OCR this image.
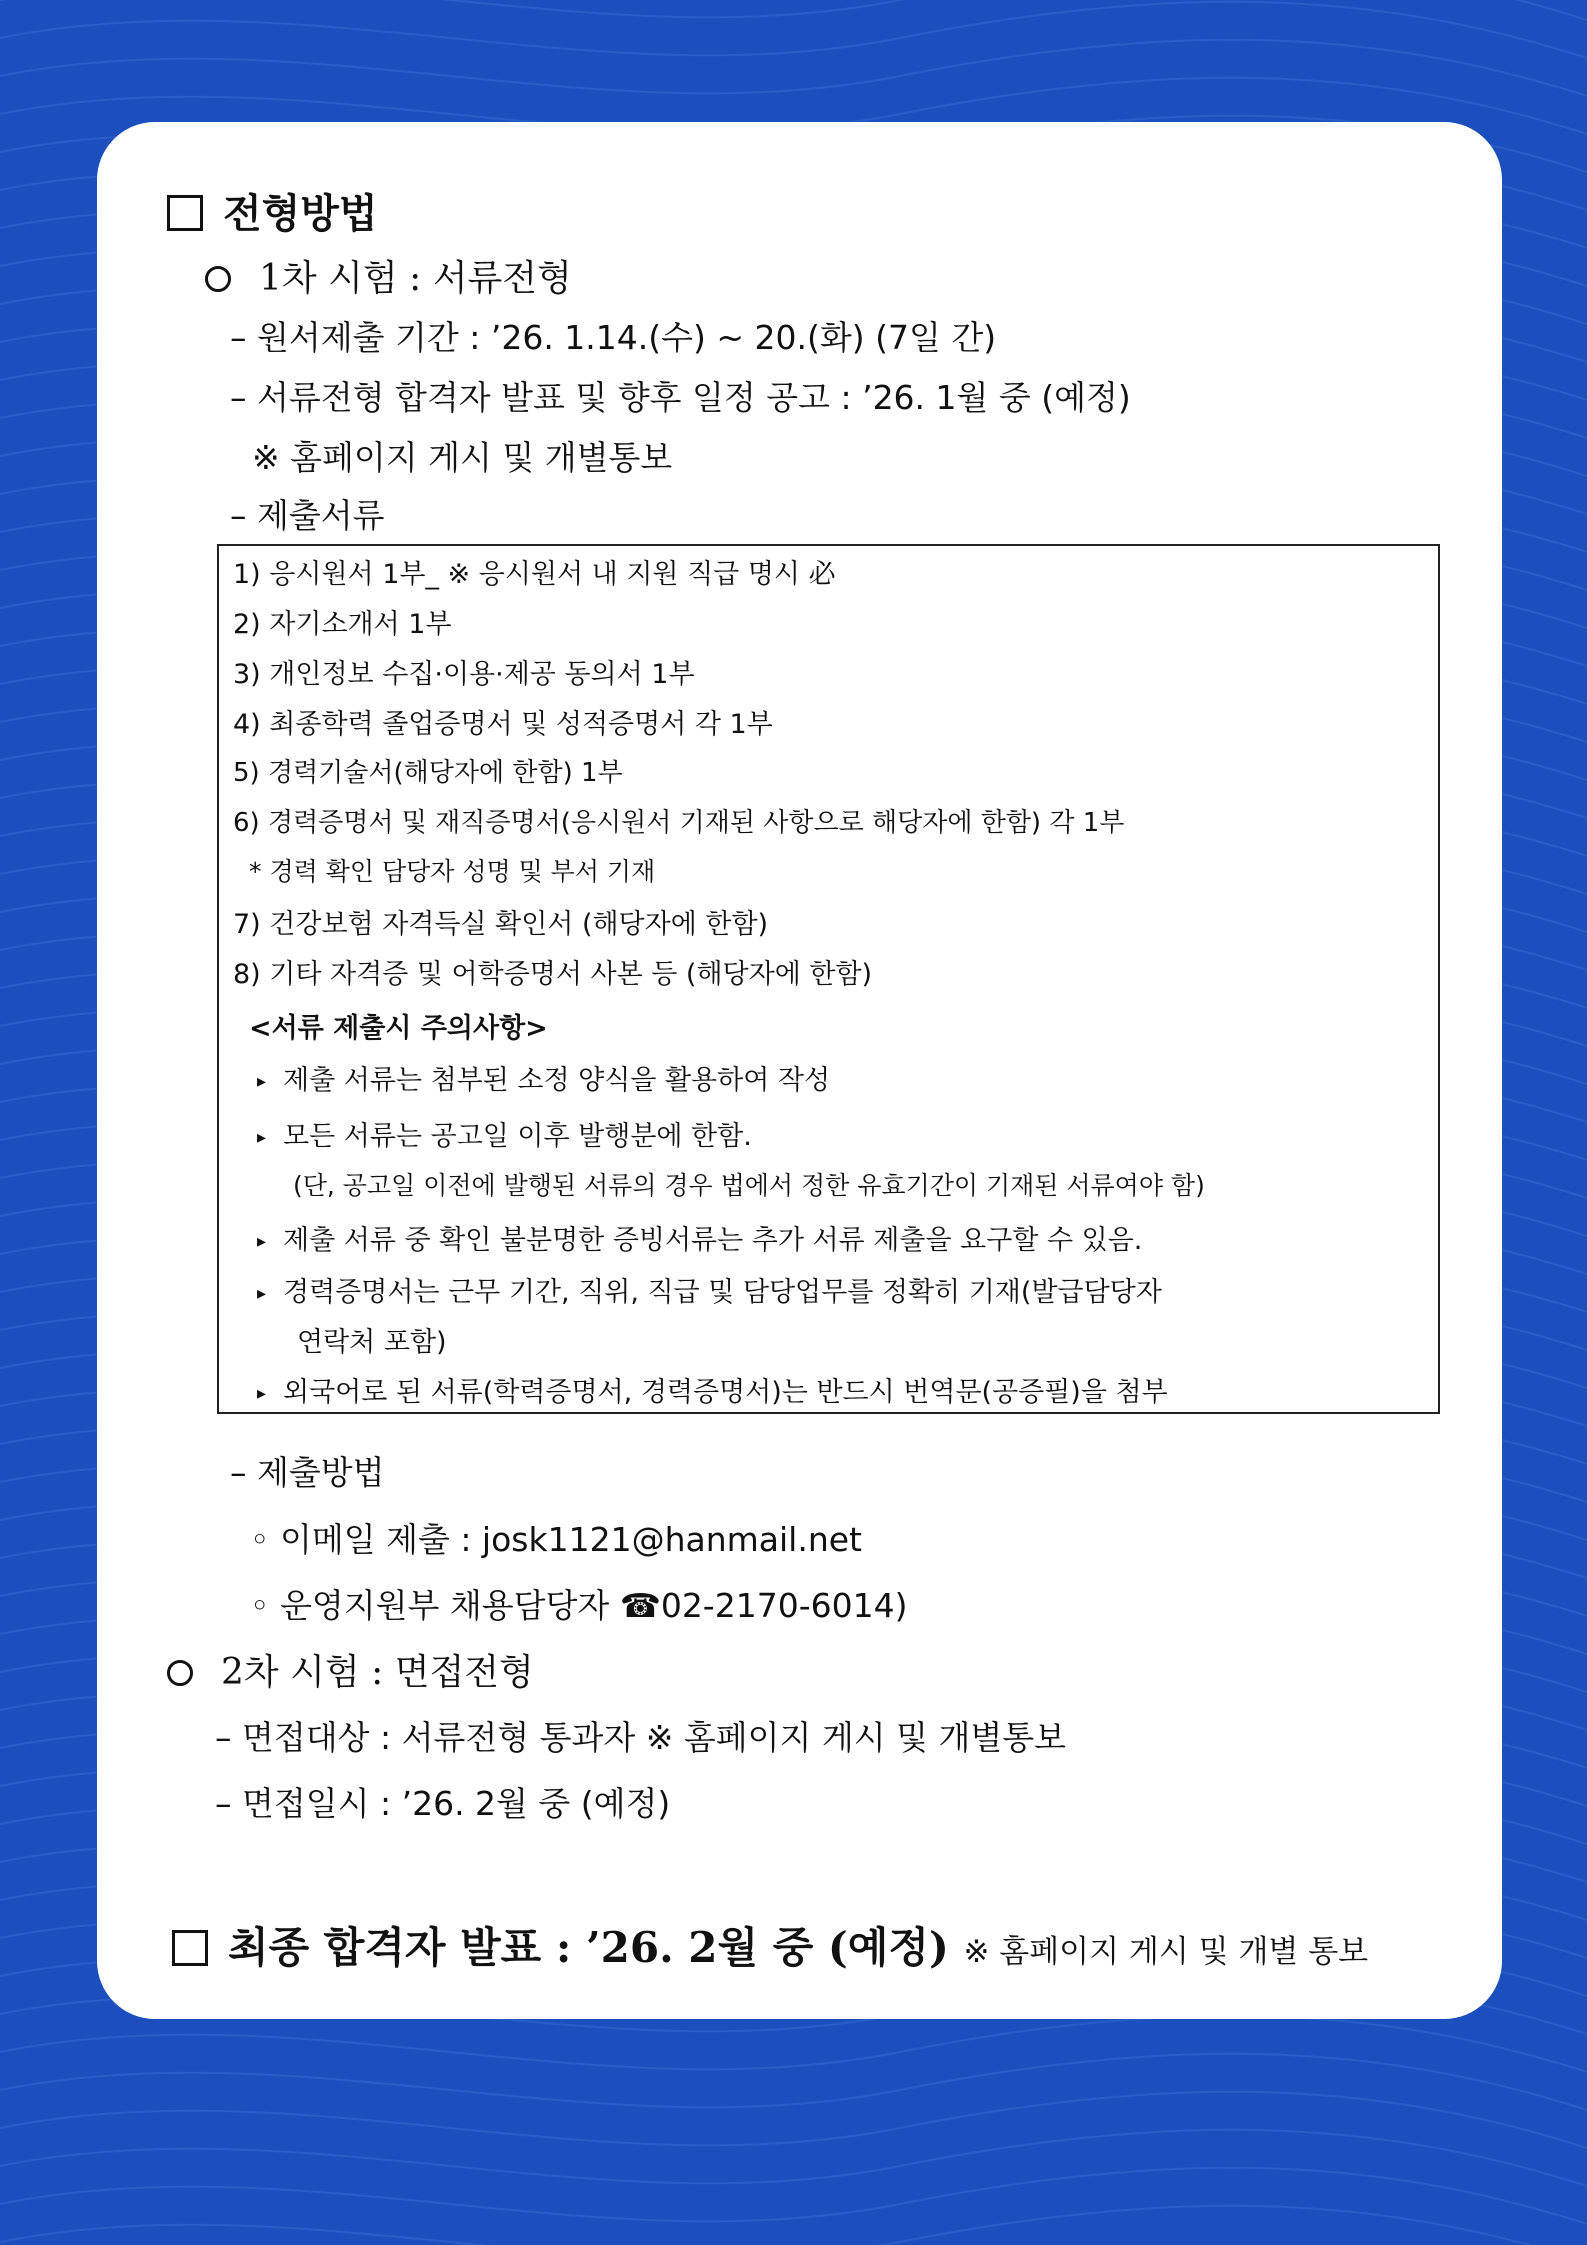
전형방법
1차 시험 : 서류전형
– 원서제출 기간 : ’26. 1.14.(수) ~ 20.(화) (7일 간)
– 서류전형 합격자 발표 및 향후 일정 공고 : ’26. 1월 중 (예정)
※ 홈페이지 게시 및 개별통보
– 제출서류
1) 응시원서 1부_ ※ 응시원서 내 지원 직급 명시 必
2) 자기소개서 1부
3) 개인정보 수집·이용·제공 동의서 1부
4) 최종학력 졸업증명서 및 성적증명서 각 1부
5) 경력기술서(해당자에 한함) 1부
6) 경력증명서 및 재직증명서(응시원서 기재된 사항으로 해당자에 한함) 각 1부
* 경력 확인 담당자 성명 및 부서 기재
7) 건강보험 자격득실 확인서 (해당자에 한함)
8) 기타 자격증 및 어학증명서 사본 등 (해당자에 한함)
<서류 제출시 주의사항>
▸ 제출 서류는 첨부된 소정 양식을 활용하여 작성
▸ 모든 서류는 공고일 이후 발행분에 한함.
(단, 공고일 이전에 발행된 서류의 경우 법에서 정한 유효기간이 기재된 서류여야 함)
▸ 제출 서류 중 확인 불분명한 증빙서류는 추가 서류 제출을 요구할 수 있음.
▸ 경력증명서는 근무 기간, 직위, 직급 및 담당업무를 정확히 기재(발급담당자
연락처 포함)
▸ 외국어로 된 서류(학력증명서, 경력증명서)는 반드시 번역문(공증필)을 첨부
– 제출방법
◦ 이메일 제출 : josk1121@hanmail.net
◦ 운영지원부 채용담당자 ☎02-2170-6014)
2차 시험 : 면접전형
– 면접대상 : 서류전형 통과자 ※ 홈페이지 게시 및 개별통보
– 면접일시 : ’26. 2월 중 (예정)
최종 합격자 발표 : ’26. 2월 중 (예정) ※ 홈페이지 게시 및 개별 통보
